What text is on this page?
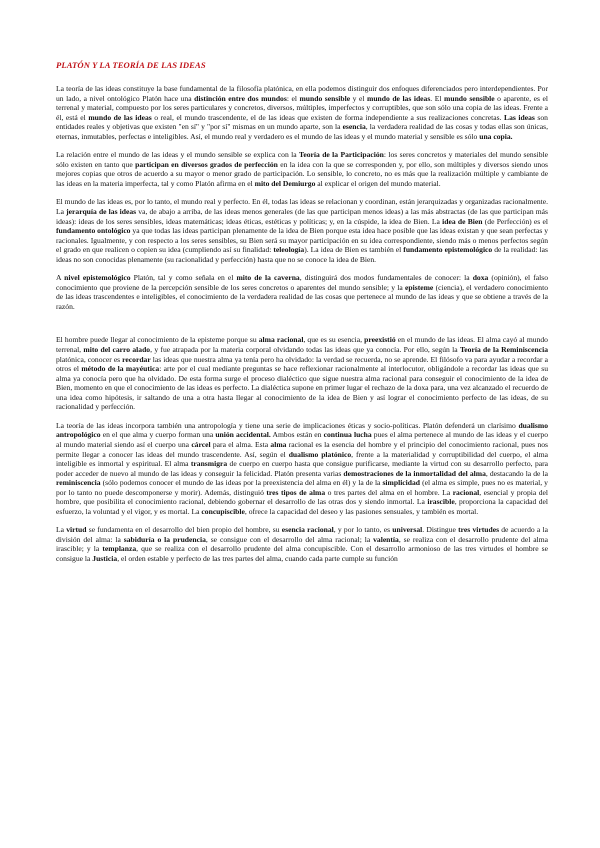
PLATÓN Y LA TEORÍA DE LAS IDEAS

La teoría de las ideas constituye la base fundamental de la filosofía platónica, en ella podemos distinguir dos enfoques diferenciados pero interdependientes. Por un lado, a nivel ontológico Platón hace una distinción entre dos mundos: el mundo sensible y el mundo de las ideas. El mundo sensible o aparente, es el terrenal y material, compuesto por los seres particulares y concretos, diversos, múltiples, imperfectos y corruptibles, que son sólo una copia de las ideas. Frente a él, está el mundo de las ideas o real, el mundo trascendente, el de las ideas que existen de forma independiente a sus realizaciones concretas. Las ideas son entidades reales y objetivas que existen "en sí" y "por sí" mismas en un mundo aparte, son la esencia, la verdadera realidad de las cosas y todas ellas son únicas, eternas, inmutables, perfectas e inteligibles. Así, el mundo real y verdadero es el mundo de las ideas y el mundo material y sensible es sólo una copia.

La relación entre el mundo de las ideas y el mundo sensible se explica con la Teoría de la Participación: los seres concretos y materiales del mundo sensible sólo existen en tanto que participan en diversos grados de perfección en la idea con la que se corresponden y, por ello, son múltiples y diversos siendo unos mejores copias que otros de acuerdo a su mayor o menor grado de participación. Lo sensible, lo concreto, no es más que la realización múltiple y cambiante de las ideas en la materia imperfecta, tal y como Platón afirma en el mito del Demiurgo al explicar el origen del mundo material.

El mundo de las ideas es, por lo tanto, el mundo real y perfecto. En él, todas las ideas se relacionan y coordinan, están jerarquizadas y organizadas racionalmente. La jerarquía de las ideas va, de abajo a arriba, de las ideas menos generales (de las que participan menos ideas) a las más abstractas (de las que participan más ideas): ideas de los seres sensibles, ideas matemáticas; ideas éticas, estéticas y políticas; y, en la cúspide, la idea de Bien. La idea de Bien (de Perfección) es el fundamento ontológico ya que todas las ideas participan plenamente de la idea de Bien porque esta idea hace posible que las ideas existan y que sean perfectas y racionales. Igualmente, y con respecto a los seres sensibles, su Bien será su mayor participación en su idea correspondiente, siendo más o menos perfectos según el grado en que realicen o copien su idea (cumpliendo así su finalidad: teleología). La idea de Bien es también el fundamento epistemológico de la realidad: las ideas no son conocidas plenamente (su racionalidad y perfección) hasta que no se conoce la idea de Bien.

A nivel epistemológico Platón, tal y como señala en el mito de la caverna, distinguirá dos modos fundamentales de conocer: la doxa (opinión), el falso conocimiento que proviene de la percepción sensible de los seres concretos o aparentes del mundo sensible; y la episteme (ciencia), el verdadero conocimiento de las ideas trascendentes e inteligibles, el conocimiento de la verdadera realidad de las cosas que pertenece al mundo de las ideas y que se obtiene a través de la razón.

El hombre puede llegar al conocimiento de la episteme porque su alma racional, que es su esencia, preexistió en el mundo de las ideas. El alma cayó al mundo terrenal, mito del carro alado, y fue atrapada por la materia corporal olvidando todas las ideas que ya conocía. Por ello, según la Teoría de la Reminiscencia platónica, conocer es recordar las ideas que nuestra alma ya tenía pero ha olvidado: la verdad se recuerda, no se aprende. El filósofo va para ayudar a recordar a otros el método de la mayéutica: arte por el cual mediante preguntas se hace reflexionar racionalmente al interlocutor, obligándole a recordar las ideas que su alma ya conocía pero que ha olvidado. De esta forma surge el proceso dialéctico que sigue nuestra alma racional para conseguir el conocimiento de la idea de Bien, momento en que el conocimiento de las ideas es perfecto. La dialéctica supone en primer lugar el rechazo de la doxa para, una vez alcanzado el recuerdo de una idea como hipótesis, ir saltando de una a otra hasta llegar al conocimiento de la idea de Bien y así lograr el conocimiento perfecto de las ideas, de su racionalidad y perfección.

La teoría de las ideas incorpora también una antropología y tiene una serie de implicaciones éticas y socio-políticas. Platón defenderá un clarísimo dualismo antropológico en el que alma y cuerpo forman una unión accidental. Ambos están en continua lucha pues el alma pertenece al mundo de las ideas y el cuerpo al mundo material siendo así el cuerpo una cárcel para el alma. Esta alma racional es la esencia del hombre y el principio del conocimiento racional, pues nos permite llegar a conocer las ideas del mundo trascendente. Así, según el dualismo platónico, frente a la materialidad y corruptibilidad del cuerpo, el alma inteligible es inmortal y espiritual. El alma transmigra de cuerpo en cuerpo hasta que consigue purificarse, mediante la virtud con su desarrollo perfecto, para poder acceder de nuevo al mundo de las ideas y conseguir la felicidad. Platón presenta varias demostraciones de la inmortalidad del alma, destacando la de la reminiscencia (sólo podemos conocer el mundo de las ideas por la preexistencia del alma en él) y la de la simplicidad (el alma es simple, pues no es material, y por lo tanto no puede descomponerse y morir). Además, distinguió tres tipos de alma o tres partes del alma en el hombre. La racional, esencial y propia del hombre, que posibilita el conocimiento racional, debiendo gobernar el desarrollo de las otras dos y siendo inmortal. La irascible, proporciona la capacidad del esfuerzo, la voluntad y el vigor, y es mortal. La concupiscible, ofrece la capacidad del deseo y las pasiones sensuales, y también es mortal.

La virtud se fundamenta en el desarrollo del bien propio del hombre, su esencia racional, y por lo tanto, es universal. Distingue tres virtudes de acuerdo a la división del alma: la sabiduría o la prudencia, se consigue con el desarrollo del alma racional; la valentía, se realiza con el desarrollo prudente del alma irascible; y la templanza, que se realiza con el desarrollo prudente del alma concupiscible. Con el desarrollo armonioso de las tres virtudes el hombre se consigue la Justicia, el orden estable y perfecto de las tres partes del alma, cuando cada parte cumple su función
